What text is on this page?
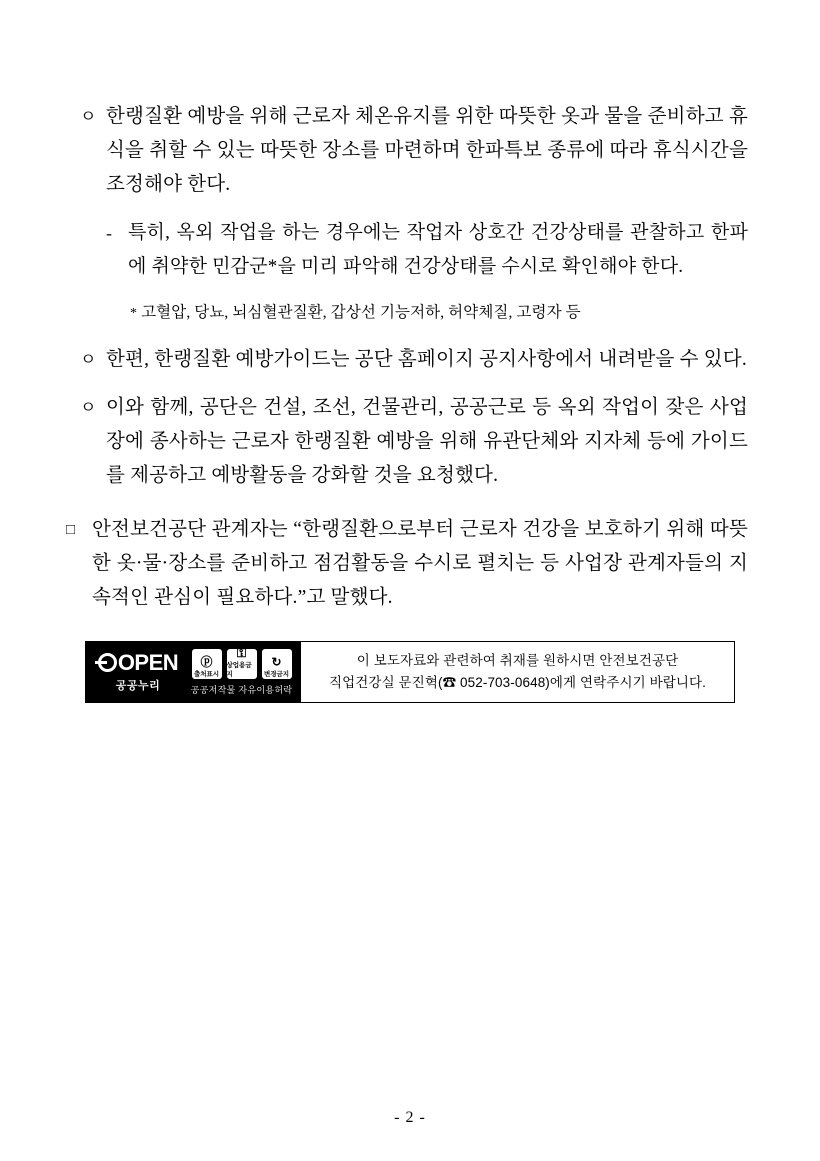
ㅇ 한랭질환 예방을 위해 근로자 체온유지를 위한 따뜻한 옷과 물을 준비하고 휴식을 취할 수 있는 따뜻한 장소를 마련하며 한파특보 종류에 따라 휴식시간을 조정해야 한다.
- 특히, 옥외 작업을 하는 경우에는 작업자 상호간 건강상태를 관찰하고 한파에 취약한 민감군*을 미리 파악해 건강상태를 수시로 확인해야 한다.
* 고혈압, 당뇨, 뇌심혈관질환, 갑상선 기능저하, 허약체질, 고령자 등
ㅇ 한편, 한랭질환 예방가이드는 공단 홈페이지 공지사항에서 내려받을 수 있다.
ㅇ 이와 함께, 공단은 건설, 조선, 건물관리, 공공근로 등 옥외 작업이 잦은 사업장에 종사하는 근로자 한랭질환 예방을 위해 유관단체와 지자체 등에 가이드를 제공하고 예방활동을 강화할 것을 요청했다.
□ 안전보건공단 관계자는 “한랭질환으로부터 근로자 건강을 보호하기 위해 따뜻한 옷·물·장소를 준비하고 점검활동을 수시로 펼치는 등 사업장 관계자들의 지속적인 관심이 필요하다.”고 말했다.
OPEN
공공누리
ⓟ
출처표시
⚿
상업용금지
↻
변경금지
공공저작물 자유이용허락
이 보도자료와 관련하여 취재를 원하시면 안전보건공단
직업건강실 문진혁(☎ 052-703-0648)에게 연락주시기 바랍니다.
- 2 -
